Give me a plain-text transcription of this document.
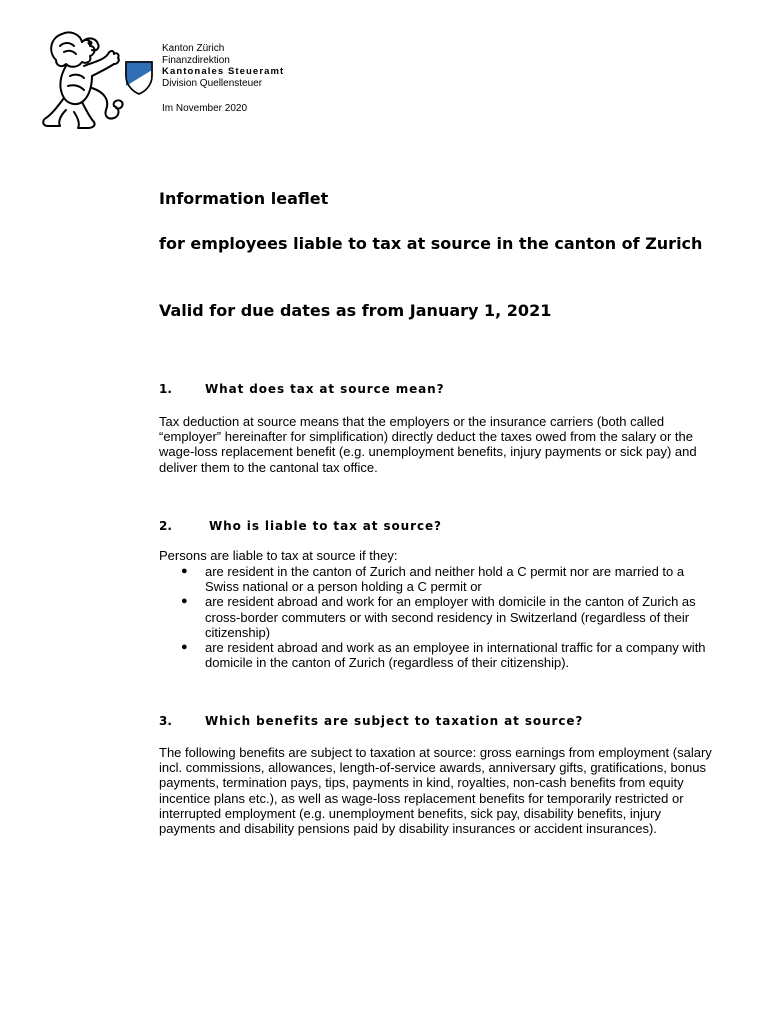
Kanton Zürich
Finanzdirektion
Kantonales Steueramt
Division Quellensteuer
Im November 2020
Information leaflet
for employees liable to tax at source in the canton of Zurich
Valid for due dates as from January 1, 2021
1.	What does tax at source mean?
Tax deduction at source means that the employers or the insurance carriers (both called “employer” hereinafter for simplification) directly deduct the taxes owed from the salary or the wage-loss replacement benefit (e.g. unemployment benefits, injury payments or sick pay) and deliver them to the cantonal tax office.
2.	Who is liable to tax at source?
Persons are liable to tax at source if they:
● are resident in the canton of Zurich and neither hold a C permit nor are married to a Swiss national or a person holding a C permit or
● are resident abroad and work for an employer with domicile in the canton of Zurich as cross-border commuters or with second residency in Switzerland (regardless of their citizenship)
● are resident abroad and work as an employee in international traffic for a company with domicile in the canton of Zurich (regardless of their citizenship).
3.	Which benefits are subject to taxation at source?
The following benefits are subject to taxation at source: gross earnings from employment (salary incl. commissions, allowances, length-of-service awards, anniversary gifts, gratifications, bonus payments, termination pays, tips, payments in kind, royalties, non-cash benefits from equity incentice plans etc.), as well as wage-loss replacement benefits for temporarily restricted or interrupted employment (e.g. unemployment benefits, sick pay, disability benefits, injury payments and disability pensions paid by disability insurances or accident insurances).
